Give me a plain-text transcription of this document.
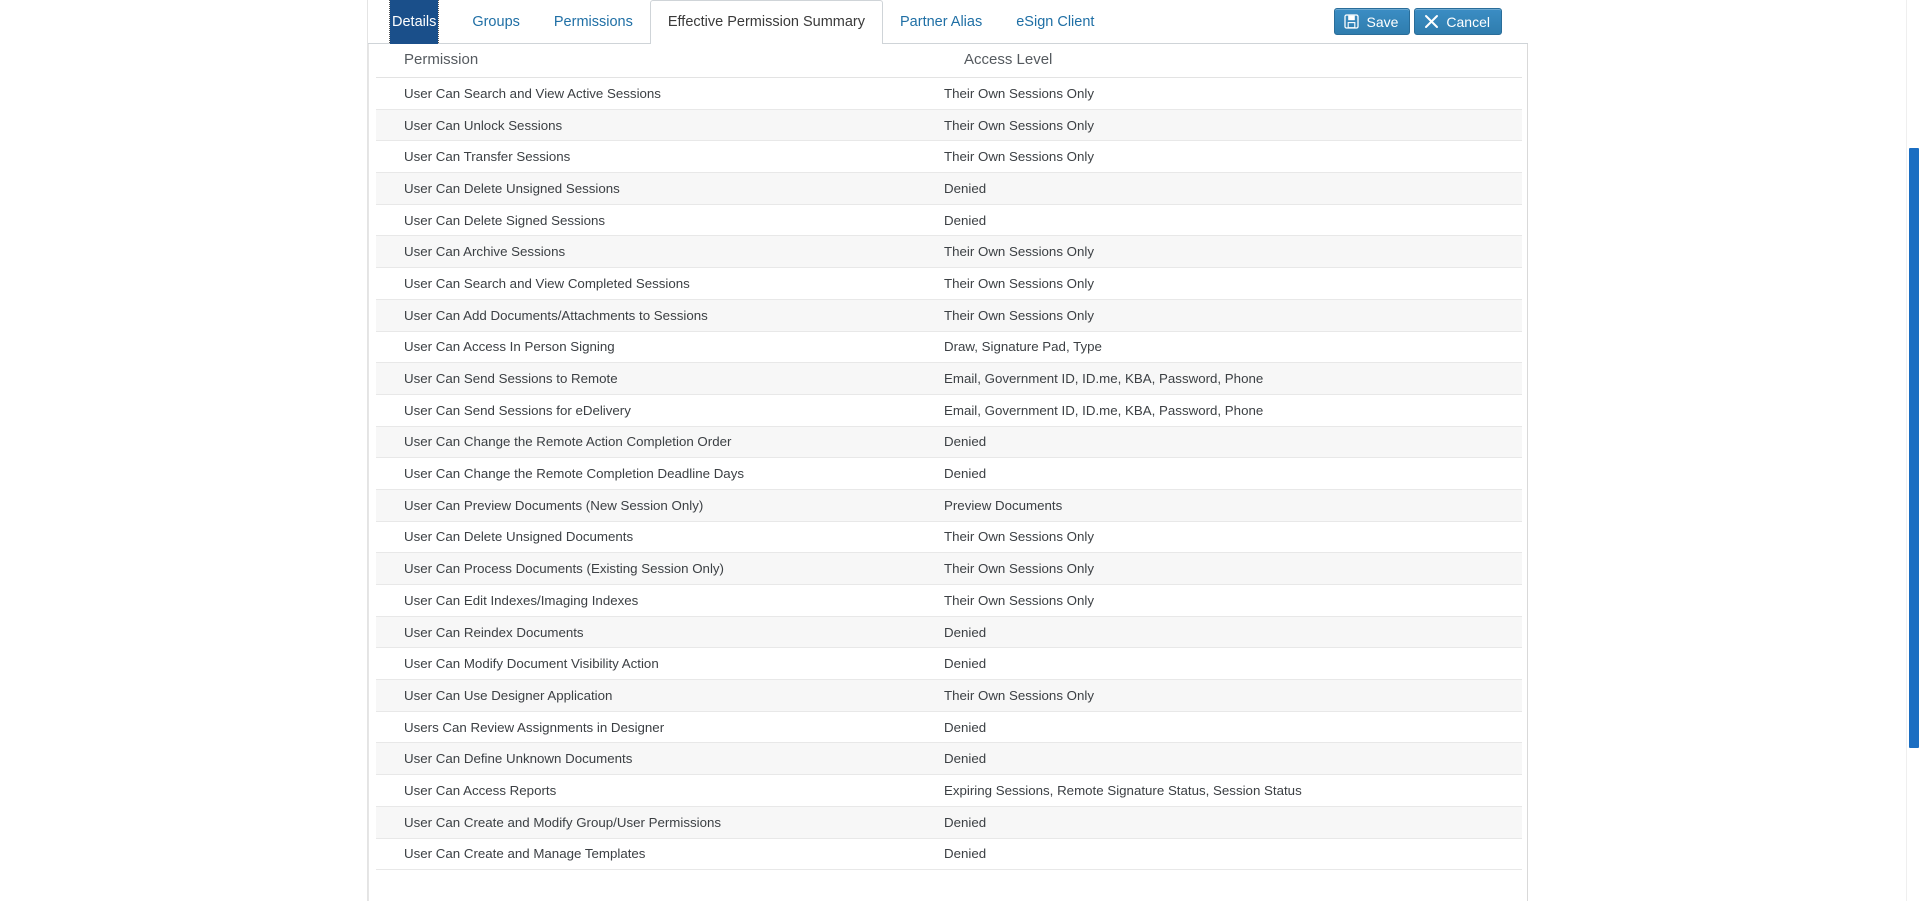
Details Groups Permissions Effective Permission Summary Partner Alias eSign Client	Save	Cancel
Permission	Access Level
User Can Search and View Active Sessions	Their Own Sessions Only
User Can Unlock Sessions	Their Own Sessions Only
User Can Transfer Sessions	Their Own Sessions Only
User Can Delete Unsigned Sessions	Denied
User Can Delete Signed Sessions	Denied
User Can Archive Sessions	Their Own Sessions Only
User Can Search and View Completed Sessions	Their Own Sessions Only
User Can Add Documents/Attachments to Sessions	Their Own Sessions Only
User Can Access In Person Signing	Draw, Signature Pad, Type
User Can Send Sessions to Remote	Email, Government ID, ID.me, KBA, Password, Phone
User Can Send Sessions for eDelivery	Email, Government ID, ID.me, KBA, Password, Phone
User Can Change the Remote Action Completion Order	Denied
User Can Change the Remote Completion Deadline Days	Denied
User Can Preview Documents (New Session Only)	Preview Documents
User Can Delete Unsigned Documents	Their Own Sessions Only
User Can Process Documents (Existing Session Only)	Their Own Sessions Only
User Can Edit Indexes/Imaging Indexes	Their Own Sessions Only
User Can Reindex Documents	Denied
User Can Modify Document Visibility Action	Denied
User Can Use Designer Application	Their Own Sessions Only
Users Can Review Assignments in Designer	Denied
User Can Define Unknown Documents	Denied
User Can Access Reports	Expiring Sessions, Remote Signature Status, Session Status
User Can Create and Modify Group/User Permissions	Denied
User Can Create and Manage Templates	Denied
